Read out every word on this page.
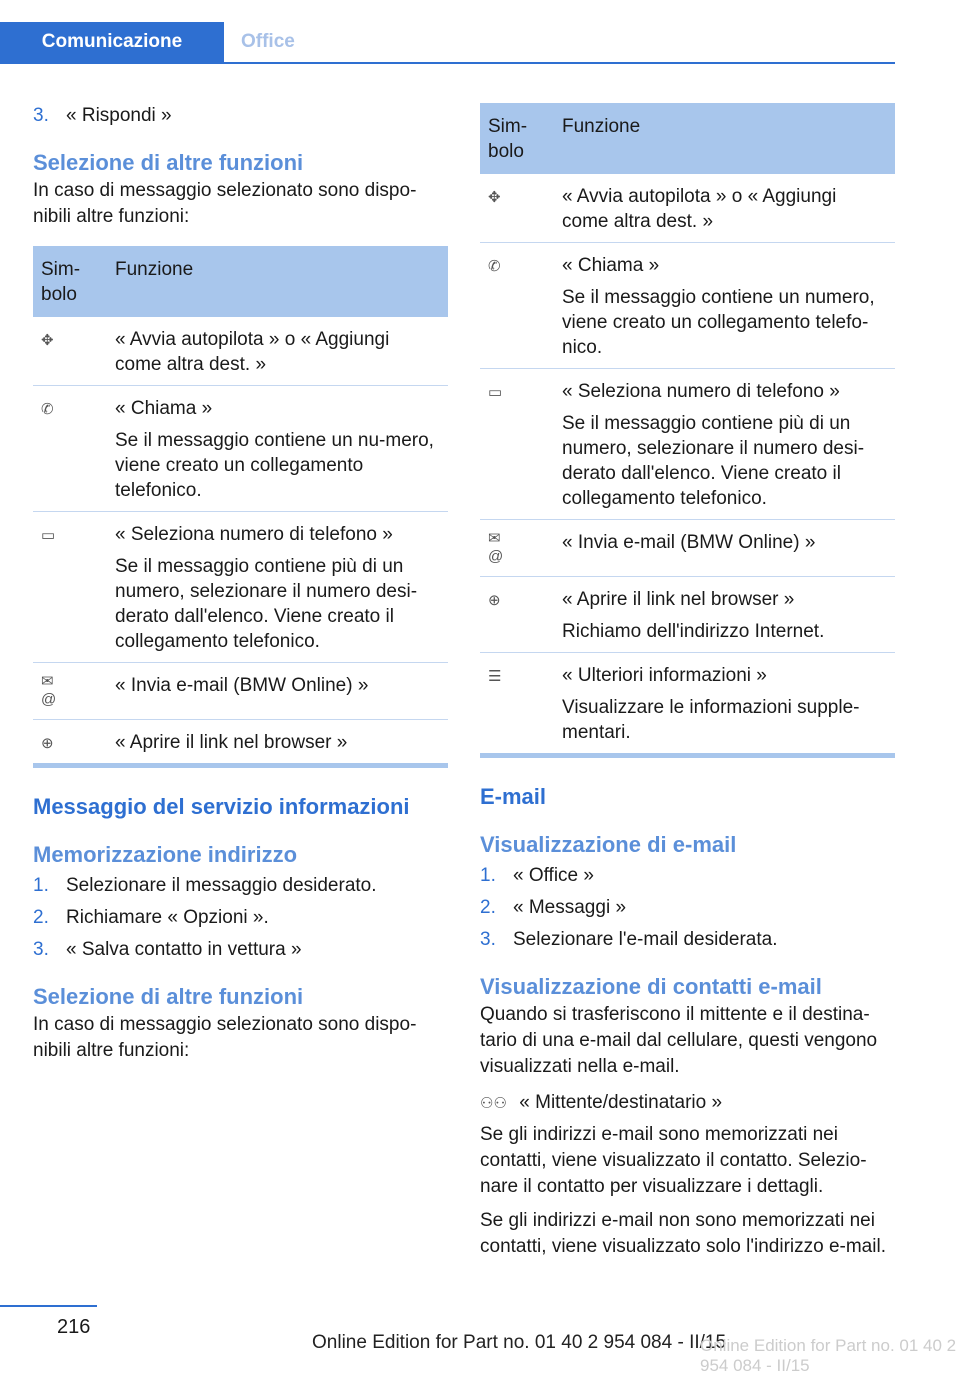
Comunicazione	Office
3. « Rispondi »
Selezione di altre funzioni

In caso di messaggio selezionato sono dispo-nibili altre funzioni:

Sim-bolo	Funzione
✥	« Avvia autopilota » o « Aggiungi come altra dest. »
✆	« Chiama »
Se il messaggio contiene un nu-mero, viene creato un collegamento telefonico.

▭	« Seleziona numero di telefono »
Se il messaggio contiene più di un numero, selezionare il numero desi-derato dall'elenco. Viene creato il collegamento telefonico.

✉@	« Invia e-mail (BMW Online) »
⊕	« Aprire il link nel browser »
Messaggio del servizio informazioni
Memorizzazione indirizzo
1. Selezionare il messaggio desiderato.
2. Richiamare « Opzioni ».
3. « Salva contatto in vettura »
Selezione di altre funzioni

In caso di messaggio selezionato sono dispo-nibili altre funzioni:

Sim-bolo	Funzione
✥	« Avvia autopilota » o « Aggiungi come altra dest. »
✆	« Chiama »
Se il messaggio contiene un numero, viene creato un collegamento telefo-nico.

▭	« Seleziona numero di telefono »
Se il messaggio contiene più di un numero, selezionare il numero desi-derato dall'elenco. Viene creato il collegamento telefonico.

✉@	« Invia e-mail (BMW Online) »
⊕	« Aprire il link nel browser »
Richiamo dell'indirizzo Internet.

☰	« Ulteriori informazioni »
Visualizzare le informazioni supple-mentari.
E-mail
Visualizzazione di e-mail
1. « Office »
2. « Messaggi »
3. Selezionare l'e-mail desiderata.
Visualizzazione di contatti e-mail

Quando si trasferiscono il mittente e il destina-tario di una e-mail dal cellulare, questi vengono visualizzati nella e-mail.

⚇⚇ « Mittente/destinatario »

Se gli indirizzi e-mail sono memorizzati nei contatti, viene visualizzato il contatto. Selezio-nare il contatto per visualizzare i dettagli.

Se gli indirizzi e-mail non sono memorizzati nei contatti, viene visualizzato solo l'indirizzo e-mail.

216
Online Edition for Part no. 01 40 2 954 084 - II/15
Online Edition for Part no. 01 40 2 954 084 - II/15
